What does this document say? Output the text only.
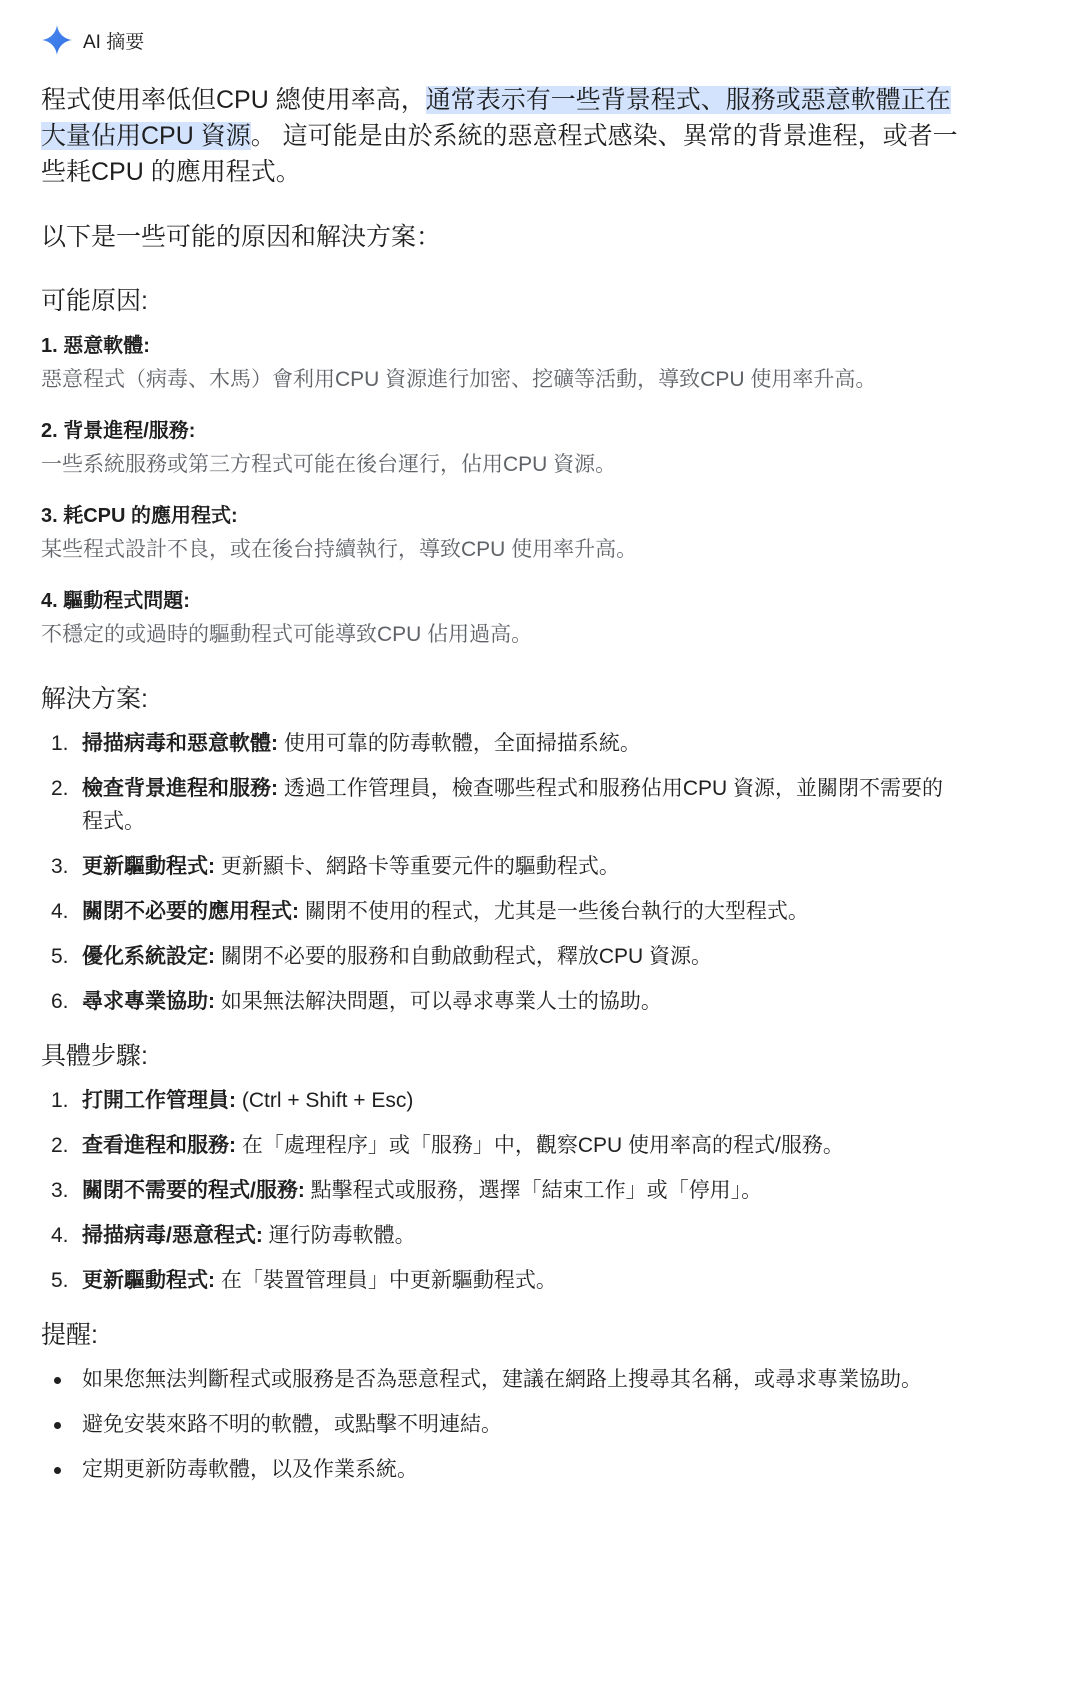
AI 摘要
程式使用率低但CPU 總使用率高，通常表示有一些背景程式、服務或惡意軟體正在大量佔用CPU 資源。 這可能是由於系統的惡意程式感染、異常的背景進程，或者一些耗CPU 的應用程式。
以下是一些可能的原因和解決方案：
可能原因:
1. 惡意軟體:
惡意程式（病毒、木馬）會利用CPU 資源進行加密、挖礦等活動，導致CPU 使用率升高。
2. 背景進程/服務:
一些系統服務或第三方程式可能在後台運行，佔用CPU 資源。
3. 耗CPU 的應用程式:
某些程式設計不良，或在後台持續執行，導致CPU 使用率升高。
4. 驅動程式問題:
不穩定的或過時的驅動程式可能導致CPU 佔用過高。
解決方案:
1. 掃描病毒和惡意軟體: 使用可靠的防毒軟體，全面掃描系統。
2. 檢查背景進程和服務: 透過工作管理員，檢查哪些程式和服務佔用CPU 資源，並關閉不需要的程式。
3. 更新驅動程式: 更新顯卡、網路卡等重要元件的驅動程式。
4. 關閉不必要的應用程式: 關閉不使用的程式，尤其是一些後台執行的大型程式。
5. 優化系統設定: 關閉不必要的服務和自動啟動程式，釋放CPU 資源。
6. 尋求專業協助: 如果無法解決問題，可以尋求專業人士的協助。
具體步驟:
1. 打開工作管理員: (Ctrl + Shift + Esc)
2. 查看進程和服務: 在「處理程序」或「服務」中，觀察CPU 使用率高的程式/服務。
3. 關閉不需要的程式/服務: 點擊程式或服務，選擇「結束工作」或「停用」。
4. 掃描病毒/惡意程式: 運行防毒軟體。
5. 更新驅動程式: 在「裝置管理員」中更新驅動程式。
提醒:
如果您無法判斷程式或服務是否為惡意程式，建議在網路上搜尋其名稱，或尋求專業協助。
避免安裝來路不明的軟體，或點擊不明連結。
定期更新防毒軟體，以及作業系統。
